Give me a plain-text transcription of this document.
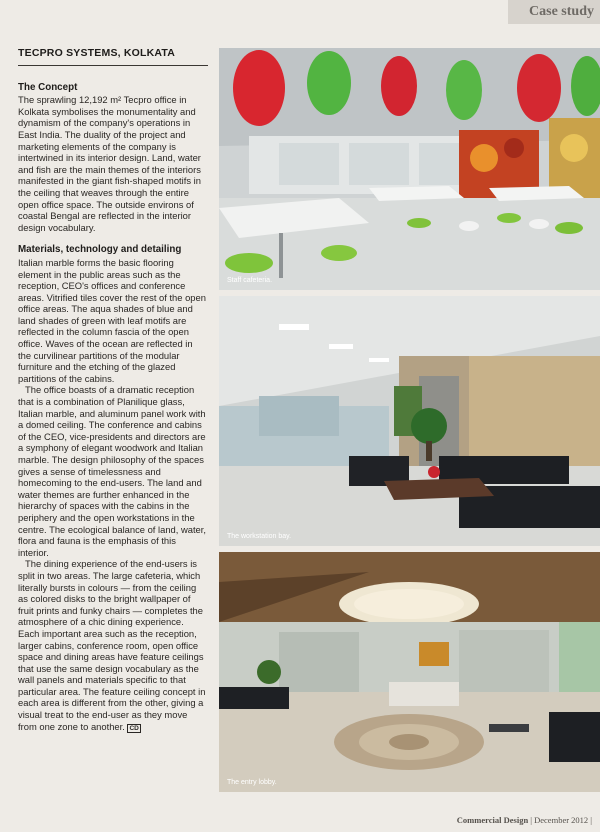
Case study
TECPRO SYSTEMS, KOLKATA
The Concept

The sprawling 12,192 m² Tecpro office in Kolkata symbolises the monumentality and dynamism of the company's operations in East India. The duality of the project and marketing elements of the company is intertwined in its interior design. Land, water and fish are the main themes of the interiors manifested in the giant fish-shaped motifs in the ceiling that weaves through the entire open office space. The outside environs of coastal Bengal are reflected in the interior design vocabulary.

Materials, technology and detailing

Italian marble forms the basic flooring element in the public areas such as the reception, CEO's offices and conference areas. Vitrified tiles cover the rest of the open office areas. The aqua shades of blue and land shades of green with leaf motifs are reflected in the column fascia of the open office. Waves of the ocean are reflected in the curvilinear partitions of the modular furniture and the etching of the glazed partitions of the cabins.

The office boasts of a dramatic reception that is a combination of Planilique glass, Italian marble, and aluminum panel work with a domed ceiling. The conference and cabins of the CEO, vice-presidents and directors are a symphony of elegant woodwork and Italian marble. The design philosophy of the spaces gives a sense of timelessness and homecoming to the end-users. The land and water themes are further enhanced in the hierarchy of spaces with the cabins in the periphery and the open workstations in the centre. The ecological balance of land, water, flora and fauna is the emphasis of this interior.

The dining experience of the end-users is split in two areas. The large cafeteria, which literally bursts in colours — from the ceiling as colored disks to the bright wallpaper of fruit prints and funky chairs — completes the atmosphere of a chic dining experience.

Each important area such as the reception, larger cabins, conference room, open office space and dining areas have feature ceilings that use the same design vocabulary as the wall panels and materials specific to that particular area. The feature ceiling concept in each area is different from the other, giving a visual treat to the end-user as they move from one zone to another. CD

Staff cafeteria.
The workstation bay.
The entry lobby.
Commercial Design | December 2012 |
